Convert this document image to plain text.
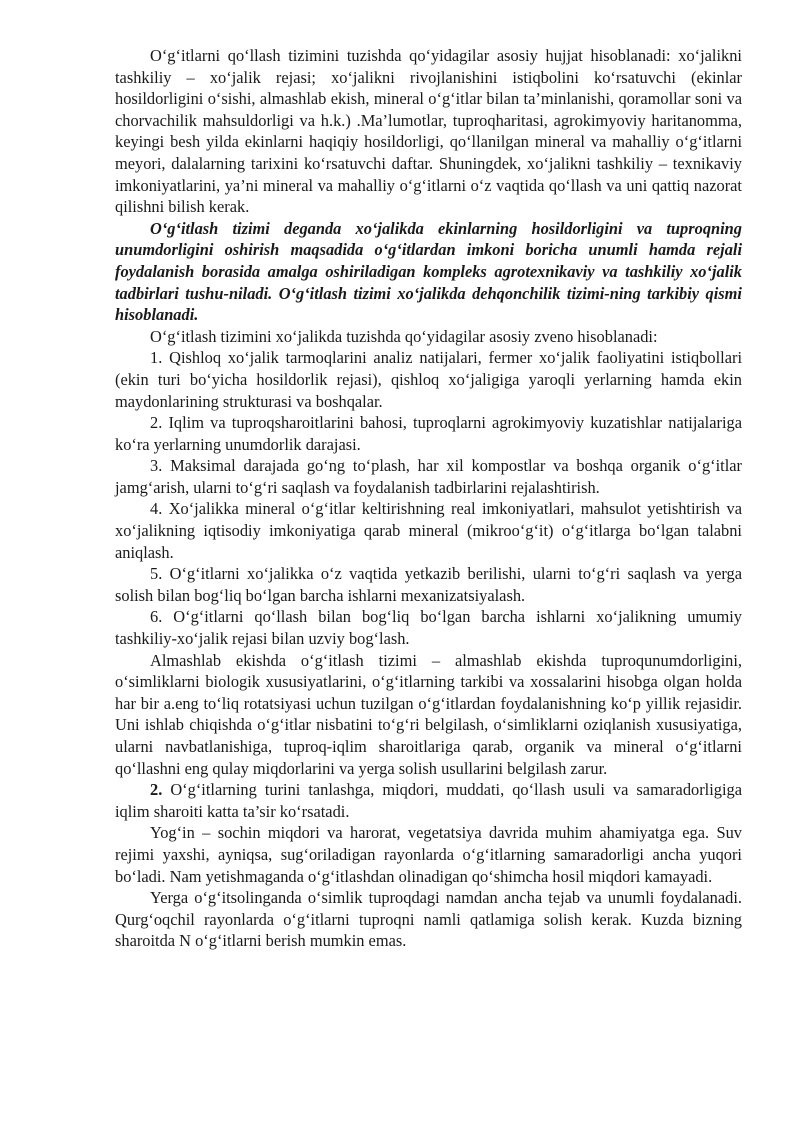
O‘g‘itlarni qo‘llash tizimini tuzishda qo‘yidagilar asosiy hujjat hisoblanadi: xo‘jalikni tashkiliy – xo‘jalik rejasi; xo‘jalikni rivojlanishini istiqbolini ko‘rsatuvchi (ekinlar hosildorligini o‘sishi, almashlab ekish, mineral o‘g‘itlar bilan ta’minlanishi, qoramollar soni va chorvachilik mahsuldorligi va h.k.) .Ma’lumotlar, tuproqharitasi, agrokimyoviy haritanomma, keyingi besh yilda ekinlarni haqiqiy hosildorligi, qo‘llanilgan mineral va mahalliy o‘g‘itlarni meyori, dalalarning tarixini ko‘rsatuvchi daftar. Shuningdek, xo‘jalikni tashkiliy – texnikaviy imkoniyatlarini, ya’ni mineral va mahalliy o‘g‘itlarni o‘z vaqtida qo‘llash va uni qattiq nazorat qilishni bilish kerak.

O‘g‘itlash tizimi deganda xo‘jalikda ekinlarning hosildorligini va tuproqning unumdorligini oshirish maqsadida o‘g‘itlardan imkoni boricha unumli hamda rejali foydalanish borasida amalga oshiriladigan kompleks agrotexnikaviy va tashkiliy xo‘jalik tadbirlari tushu-niladi. O‘g‘itlash tizimi xo‘jalikda dehqonchilik tizimi-ning tarkibiy qismi hisoblanadi.

O‘g‘itlash tizimini xo‘jalikda tuzishda qo‘yidagilar asosiy zveno hisoblanadi:

1. Qishloq xo‘jalik tarmoqlarini analiz natijalari, fermer xo‘jalik faoliyatini istiqbollari (ekin turi bo‘yicha hosildorlik rejasi), qishloq xo‘jaligiga yaroqli yerlarning hamda ekin maydonlarining strukturasi va boshqalar.

2. Iqlim va tuproqsharoitlarini bahosi, tuproqlarni agrokimyoviy kuzatishlar natijalariga ko‘ra yerlarning unumdorlik darajasi.

3. Maksimal darajada go‘ng to‘plash, har xil kompostlar va boshqa organik o‘g‘itlar jamg‘arish, ularni to‘g‘ri saqlash va foydalanish tadbirlarini rejalashtirish.

4. Xo‘jalikka mineral o‘g‘itlar keltirishning real imkoniyatlari, mahsulot yetishtirish va xo‘jalikning iqtisodiy imkoniyatiga qarab mineral (mikroo‘g‘it) o‘g‘itlarga bo‘lgan talabni aniqlash.

5. O‘g‘itlarni xo‘jalikka o‘z vaqtida yetkazib berilishi, ularni to‘g‘ri saqlash va yerga solish bilan bog‘liq bo‘lgan barcha ishlarni mexanizatsiyalash.

6. O‘g‘itlarni qo‘llash bilan bog‘liq bo‘lgan barcha ishlarni xo‘jalikning umumiy tashkiliy-xo‘jalik rejasi bilan uzviy bog‘lash.

Almashlab ekishda o‘g‘itlash tizimi – almashlab ekishda tuproqunumdorligini, o‘simliklarni biologik xususiyatlarini, o‘g‘itlarning tarkibi va xossalarini hisobga olgan holda har bir a.eng to‘liq rotatsiyasi uchun tuzilgan o‘g‘itlardan foydalanishning ko‘p yillik rejasidir. Uni ishlab chiqishda o‘g‘itlar nisbatini to‘g‘ri belgilash, o‘simliklarni oziqlanish xususiyatiga, ularni navbatlanishiga, tuproq-iqlim sharoitlariga qarab, organik va mineral o‘g‘itlarni qo‘llashni eng qulay miqdorlarini va yerga solish usullarini belgilash zarur.

2. O‘g‘itlarning turini tanlashga, miqdori, muddati, qo‘llash usuli va samaradorligiga iqlim sharoiti katta ta’sir ko‘rsatadi.

Yog‘in – sochin miqdori va harorat, vegetatsiya davrida muhim ahamiyatga ega. Suv rejimi yaxshi, ayniqsa, sug‘oriladigan rayonlarda o‘g‘itlarning samaradorligi ancha yuqori bo‘ladi. Nam yetishmaganda o‘g‘itlashdan olinadigan qo‘shimcha hosil miqdori kamayadi.

Yerga o‘g‘itsolinganda o‘simlik tuproqdagi namdan ancha tejab va unumli foydalanadi. Qurg‘oqchil rayonlarda o‘g‘itlarni tuproqni namli qatlamiga solish kerak. Kuzda bizning sharoitda N o‘g‘itlarni berish mumkin emas.
